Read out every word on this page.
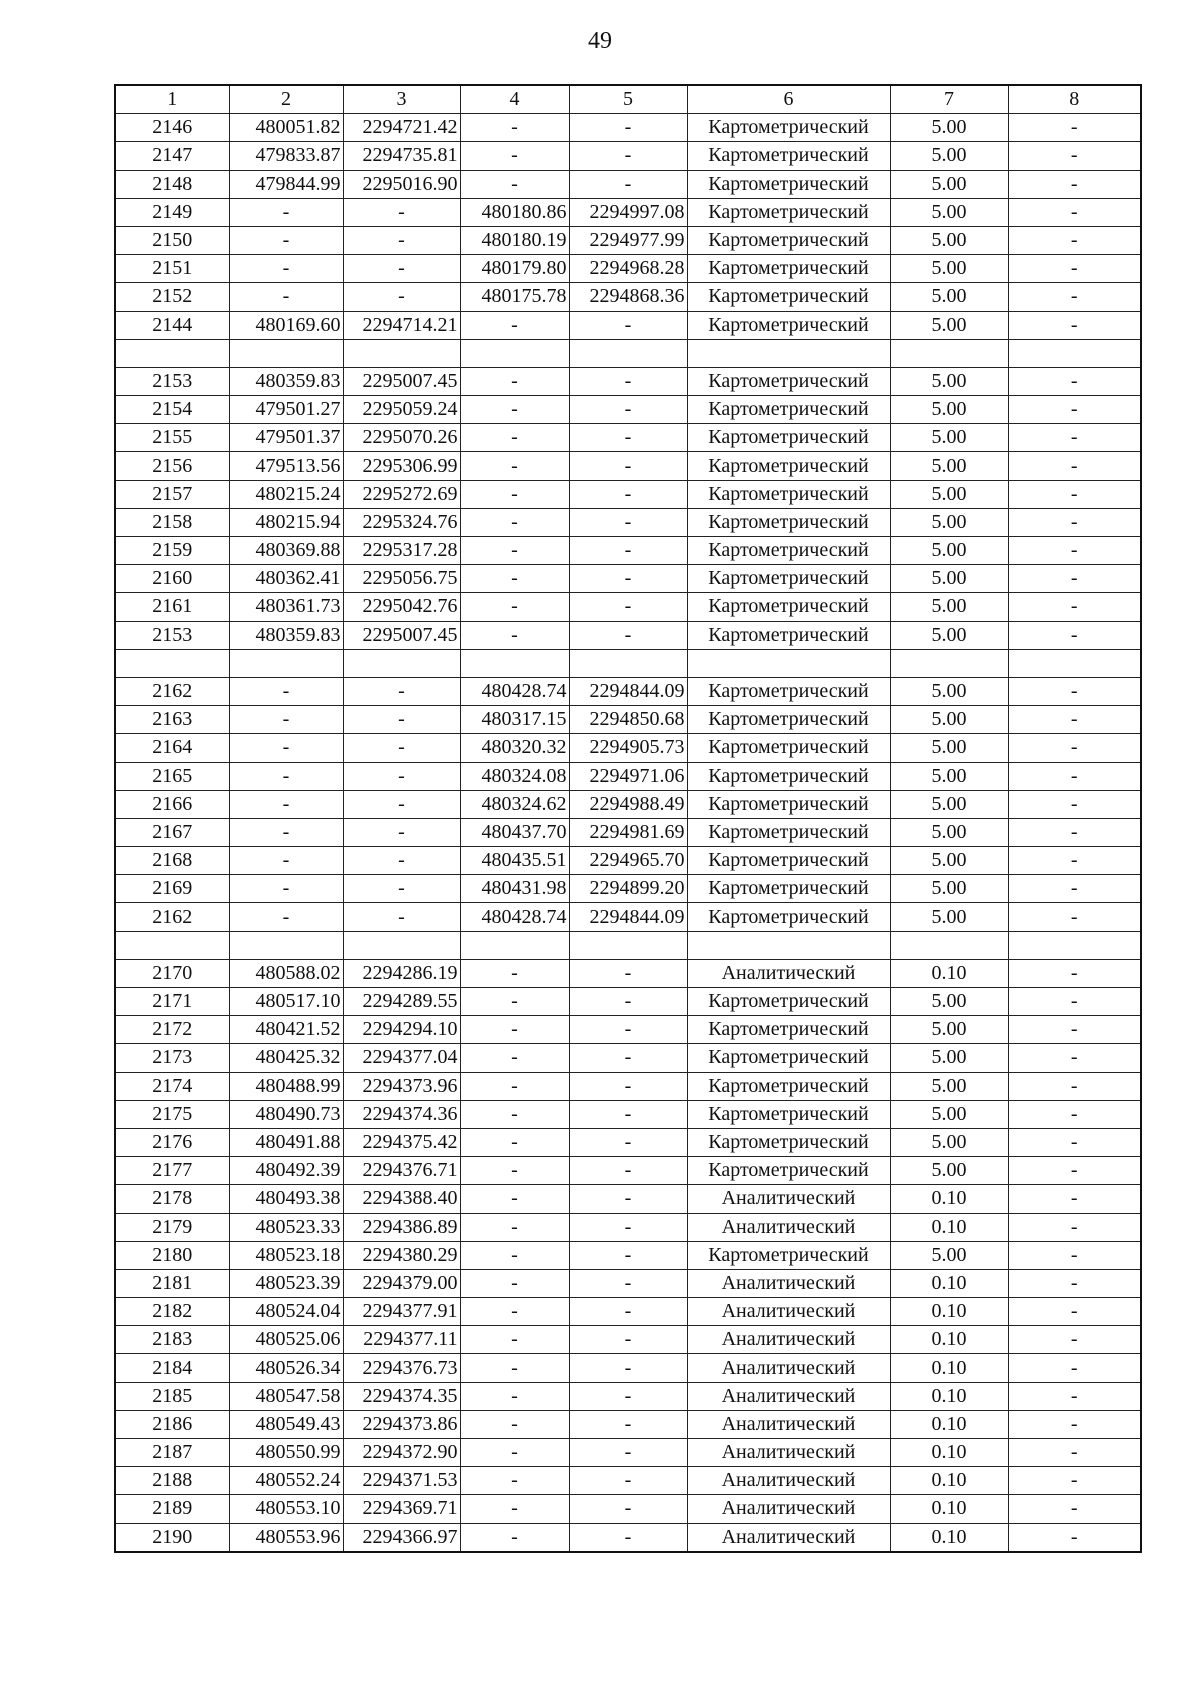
49
1	2	3	4	5	6	7	8
2146	480051.82	2294721.42	-	-	Картометрический	5.00	-
2147	479833.87	2294735.81	-	-	Картометрический	5.00	-
2148	479844.99	2295016.90	-	-	Картометрический	5.00	-
2149	-	-	480180.86	2294997.08	Картометрический	5.00	-
2150	-	-	480180.19	2294977.99	Картометрический	5.00	-
2151	-	-	480179.80	2294968.28	Картометрический	5.00	-
2152	-	-	480175.78	2294868.36	Картометрический	5.00	-
2144	480169.60	2294714.21	-	-	Картометрический	5.00	-

2153	480359.83	2295007.45	-	-	Картометрический	5.00	-
2154	479501.27	2295059.24	-	-	Картометрический	5.00	-
2155	479501.37	2295070.26	-	-	Картометрический	5.00	-
2156	479513.56	2295306.99	-	-	Картометрический	5.00	-
2157	480215.24	2295272.69	-	-	Картометрический	5.00	-
2158	480215.94	2295324.76	-	-	Картометрический	5.00	-
2159	480369.88	2295317.28	-	-	Картометрический	5.00	-
2160	480362.41	2295056.75	-	-	Картометрический	5.00	-
2161	480361.73	2295042.76	-	-	Картометрический	5.00	-
2153	480359.83	2295007.45	-	-	Картометрический	5.00	-

2162	-	-	480428.74	2294844.09	Картометрический	5.00	-
2163	-	-	480317.15	2294850.68	Картометрический	5.00	-
2164	-	-	480320.32	2294905.73	Картометрический	5.00	-
2165	-	-	480324.08	2294971.06	Картометрический	5.00	-
2166	-	-	480324.62	2294988.49	Картометрический	5.00	-
2167	-	-	480437.70	2294981.69	Картометрический	5.00	-
2168	-	-	480435.51	2294965.70	Картометрический	5.00	-
2169	-	-	480431.98	2294899.20	Картометрический	5.00	-
2162	-	-	480428.74	2294844.09	Картометрический	5.00	-

2170	480588.02	2294286.19	-	-	Аналитический	0.10	-
2171	480517.10	2294289.55	-	-	Картометрический	5.00	-
2172	480421.52	2294294.10	-	-	Картометрический	5.00	-
2173	480425.32	2294377.04	-	-	Картометрический	5.00	-
2174	480488.99	2294373.96	-	-	Картометрический	5.00	-
2175	480490.73	2294374.36	-	-	Картометрический	5.00	-
2176	480491.88	2294375.42	-	-	Картометрический	5.00	-
2177	480492.39	2294376.71	-	-	Картометрический	5.00	-
2178	480493.38	2294388.40	-	-	Аналитический	0.10	-
2179	480523.33	2294386.89	-	-	Аналитический	0.10	-
2180	480523.18	2294380.29	-	-	Картометрический	5.00	-
2181	480523.39	2294379.00	-	-	Аналитический	0.10	-
2182	480524.04	2294377.91	-	-	Аналитический	0.10	-
2183	480525.06	2294377.11	-	-	Аналитический	0.10	-
2184	480526.34	2294376.73	-	-	Аналитический	0.10	-
2185	480547.58	2294374.35	-	-	Аналитический	0.10	-
2186	480549.43	2294373.86	-	-	Аналитический	0.10	-
2187	480550.99	2294372.90	-	-	Аналитический	0.10	-
2188	480552.24	2294371.53	-	-	Аналитический	0.10	-
2189	480553.10	2294369.71	-	-	Аналитический	0.10	-
2190	480553.96	2294366.97	-	-	Аналитический	0.10	-
